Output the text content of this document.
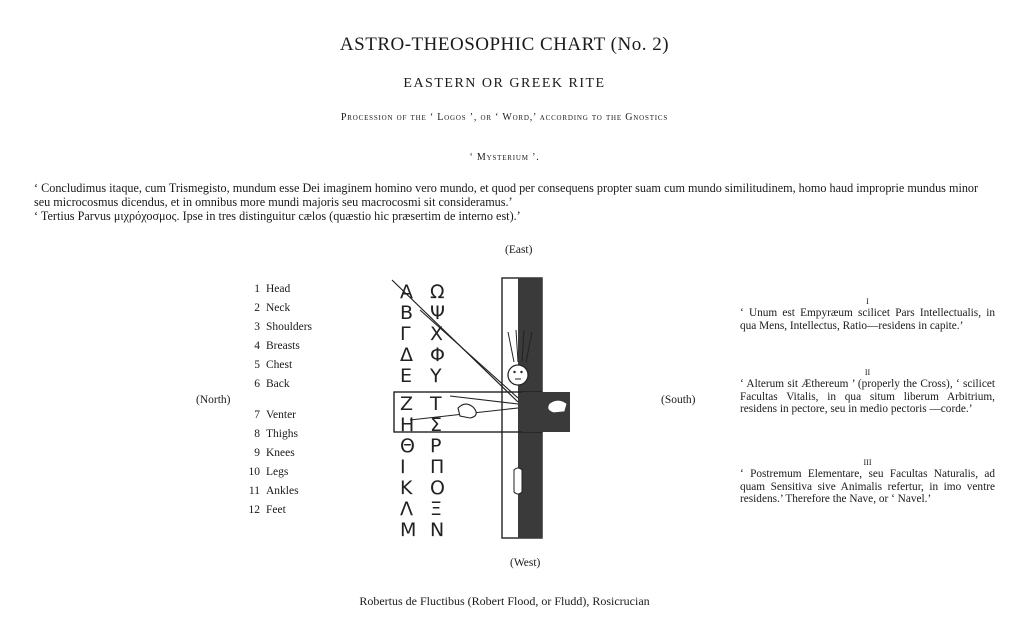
ASTRO-THEOSOPHIC CHART (No. 2)
EASTERN OR GREEK RITE
Procession of the ‘ Logos ’, or ‘ Word,’ according to the Gnostics
‘ Mysterium ’.

‘ Concludimus itaque, cum Trismegisto, mundum esse Dei imaginem homino vero mundo, et quod per consequens propter suam cum mundo similitudinem, homo haud improprie mundus minor seu microcosmus dicendus, et in omnibus more mundi majoris seu macrocosmi sit consideramus.’

‘ Tertius Parvus μιχρόχοσμος. Ipse in tres distinguitur cælos (quæstio hic præsertim de interno est).’

(East)
(West)
(North)	(South)
1 Head
2 Neck
3 Shoulders
4 Breasts
5 Chest
6 Back
7 Venter
8 Thighs
9 Knees
10 Legs
11 Ankles
12 Feet
Α
Β
Γ
Δ
Ε
Ζ
Η
Θ
Ι
Κ
Λ
Μ
Ω
Ψ
Χ
Φ
Υ
Τ
Σ
Ρ
Π
Ο
Ξ
Ν
I
‘ Unum est Empyræum scilicet Pars Intellectualis, in qua Mens, Intellectus, Ratio—residens in capite.’
II
‘ Alterum sit Æthereum ’ (properly the Cross), ‘ scilicet Facultas Vitalis, in qua situm liberum Arbitrium, residens in pectore, seu in medio pectoris —corde.’
III
‘ Postremum Elementare, seu Facultas Naturalis, ad quam Sensitiva sive Animalis refertur, in imo ventre residens.’ Therefore the Nave, or ‘ Navel.’
Robertus de Fluctibus (Robert Flood, or Fludd), Rosicrucian
